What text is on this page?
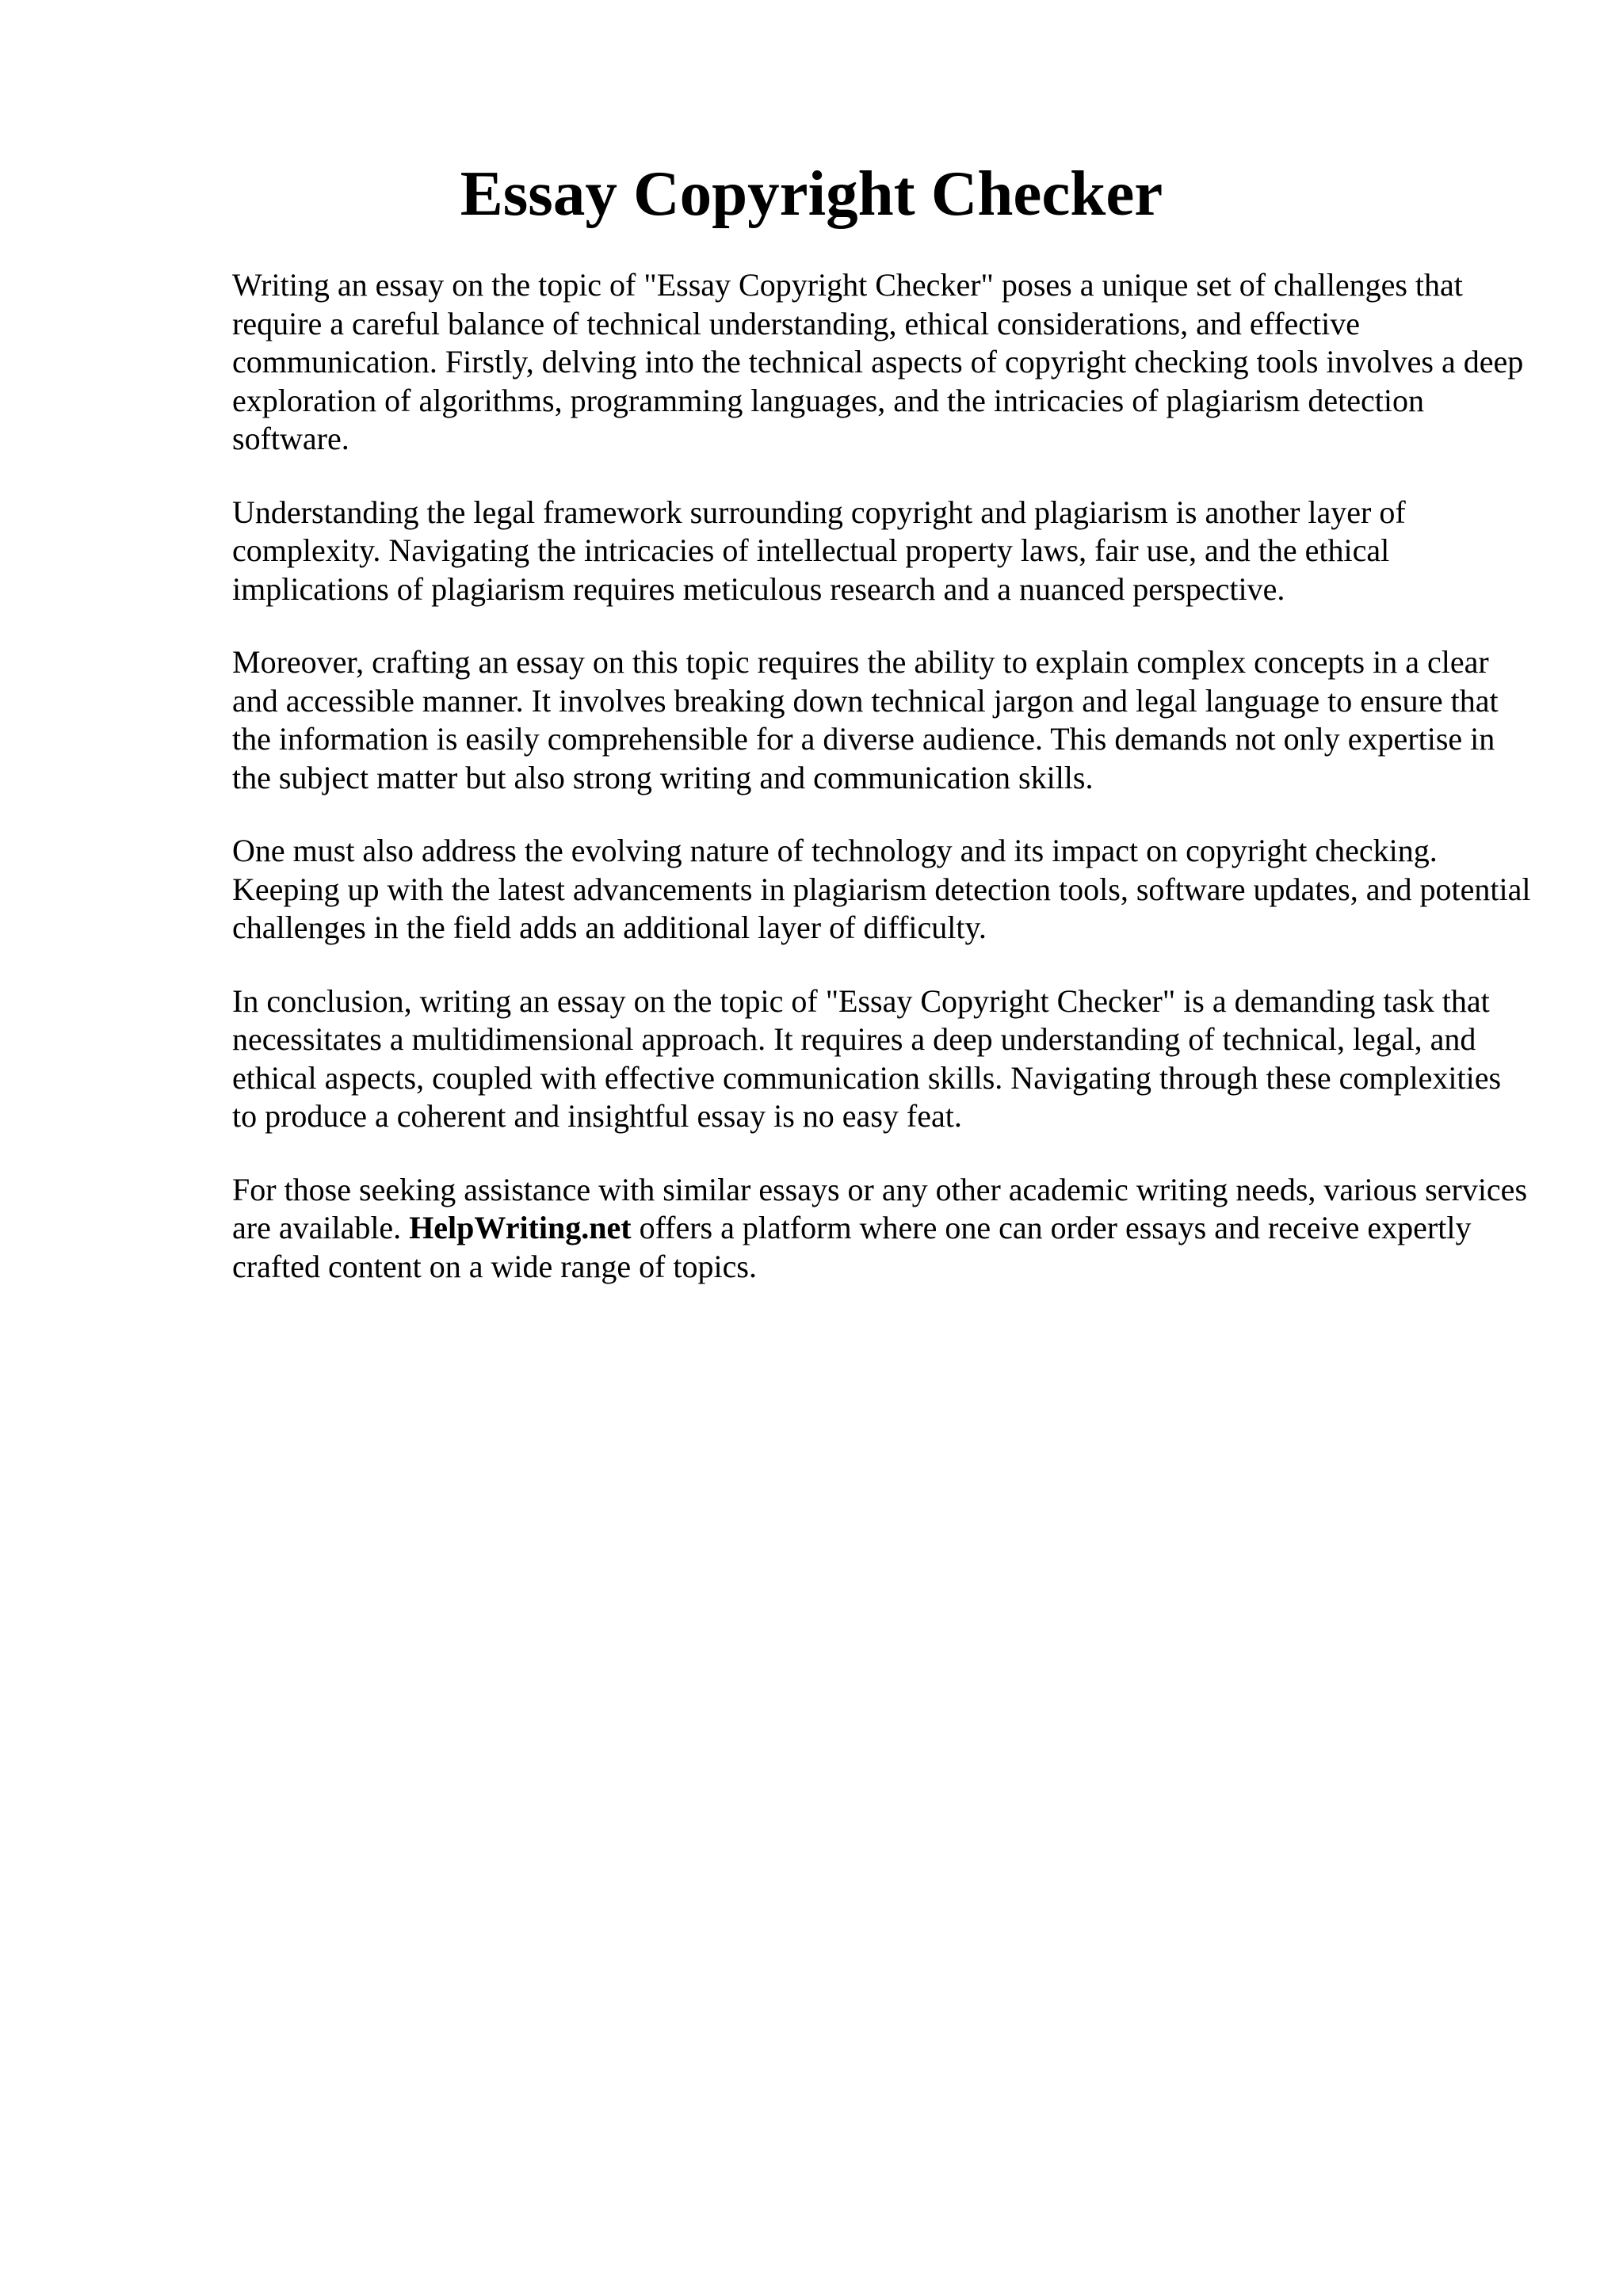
Essay Copyright Checker

Writing an essay on the topic of "Essay Copyright Checker" poses a unique set of challenges that require a careful balance of technical understanding, ethical considerations, and effective communication. Firstly, delving into the technical aspects of copyright checking tools involves a deep exploration of algorithms, programming languages, and the intricacies of plagiarism detection software.

Understanding the legal framework surrounding copyright and plagiarism is another layer of complexity. Navigating the intricacies of intellectual property laws, fair use, and the ethical implications of plagiarism requires meticulous research and a nuanced perspective.

Moreover, crafting an essay on this topic requires the ability to explain complex concepts in a clear and accessible manner. It involves breaking down technical jargon and legal language to ensure that the information is easily comprehensible for a diverse audience. This demands not only expertise in the subject matter but also strong writing and communication skills.

One must also address the evolving nature of technology and its impact on copyright checking. Keeping up with the latest advancements in plagiarism detection tools, software updates, and potential challenges in the field adds an additional layer of difficulty.

In conclusion, writing an essay on the topic of "Essay Copyright Checker" is a demanding task that necessitates a multidimensional approach. It requires a deep understanding of technical, legal, and ethical aspects, coupled with effective communication skills. Navigating through these complexities to produce a coherent and insightful essay is no easy feat.

For those seeking assistance with similar essays or any other academic writing needs, various services are available. HelpWriting.net offers a platform where one can order essays and receive expertly crafted content on a wide range of topics.
